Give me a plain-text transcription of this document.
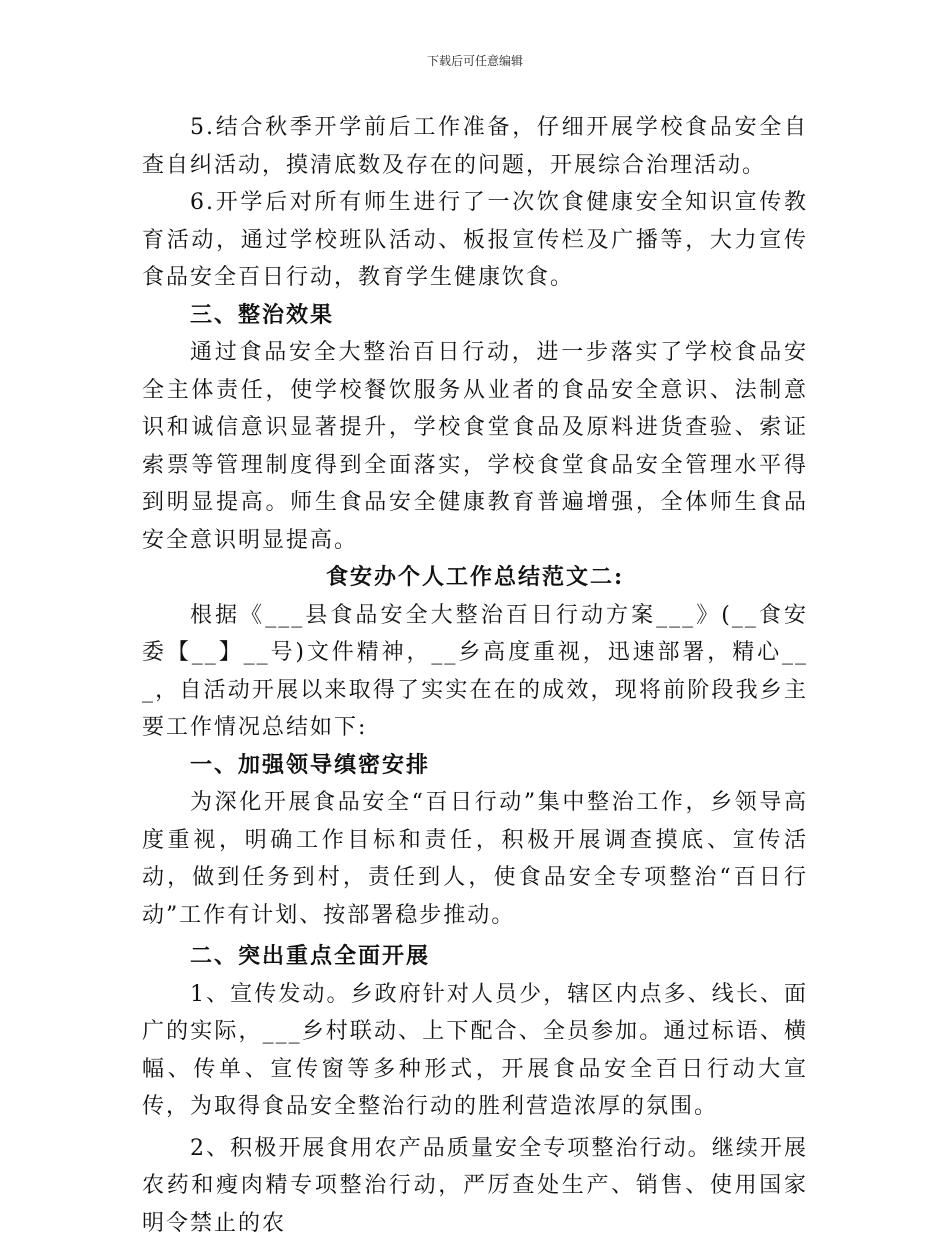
下载后可任意编辑

5.结合秋季开学前后工作准备，仔细开展学校食品安全自查自纠活动，摸清底数及存在的问题，开展综合治理活动。

6.开学后对所有师生进行了一次饮食健康安全知识宣传教育活动，通过学校班队活动、板报宣传栏及广播等，大力宣传食品安全百日行动，教育学生健康饮食。

三、整治效果

通过食品安全大整治百日行动，进一步落实了学校食品安全主体责任，使学校餐饮服务从业者的食品安全意识、法制意识和诚信意识显著提升，学校食堂食品及原料进货查验、索证索票等管理制度得到全面落实，学校食堂食品安全管理水平得到明显提高。师生食品安全健康教育普遍增强，全体师生食品安全意识明显提高。

食安办个人工作总结范文二:

根据《___县食品安全大整治百日行动方案___》(__食安委【__】__号)文件精神，__乡高度重视，迅速部署，精心___，自活动开展以来取得了实实在在的成效，现将前阶段我乡主要工作情况总结如下:

一、加强领导缜密安排

为深化开展食品安全“百日行动”集中整治工作，乡领导高度重视，明确工作目标和责任，积极开展调查摸底、宣传活动，做到任务到村，责任到人，使食品安全专项整治“百日行动”工作有计划、按部署稳步推动。

二、突出重点全面开展

1、宣传发动。乡政府针对人员少，辖区内点多、线长、面广的实际，___乡村联动、上下配合、全员参加。通过标语、横幅、传单、宣传窗等多种形式，开展食品安全百日行动大宣传，为取得食品安全整治行动的胜利营造浓厚的氛围。

2、积极开展食用农产品质量安全专项整治行动。继续开展农药和瘦肉精专项整治行动，严厉查处生产、销售、使用国家明令禁止的农
